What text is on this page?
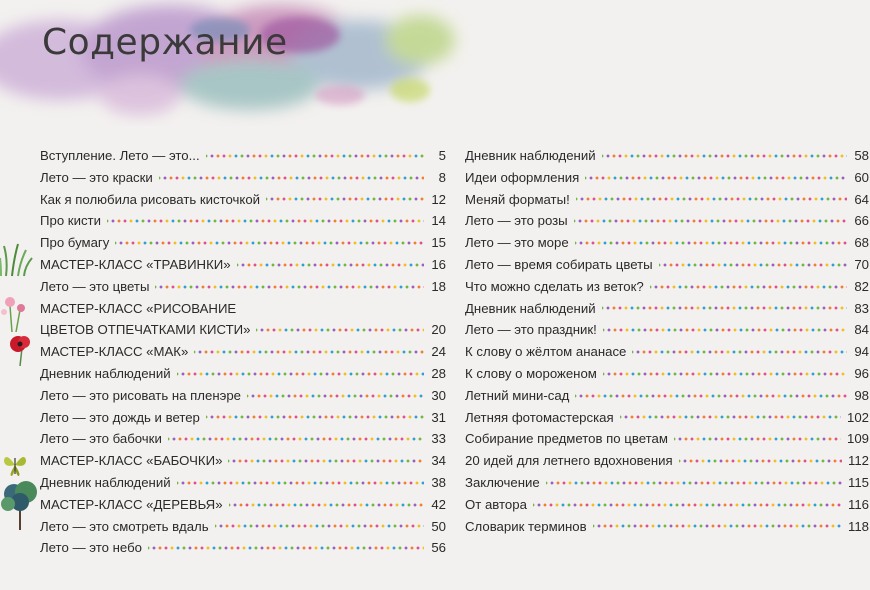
Содержание
Вступление. Лето — это...	5
Лето — это краски	8
Как я полюбила рисовать кисточкой	12
Про кисти	14
Про бумагу	15
МАСТЕР-КЛАСС «ТРАВИНКИ»	16
Лето — это цветы	18
МАСТЕР-КЛАСС «РИСОВАНИЕ
ЦВЕТОВ ОТПЕЧАТКАМИ КИСТИ»	20
МАСТЕР-КЛАСС «МАК»	24
Дневник наблюдений	28
Лето — это рисовать на пленэре	30
Лето — это дождь и ветер	31
Лето — это бабочки	33
МАСТЕР-КЛАСС «БАБОЧКИ»	34
Дневник наблюдений	38
МАСТЕР-КЛАСС «ДЕРЕВЬЯ»	42
Лето — это смотреть вдаль	50
Лето — это небо	56
Дневник наблюдений	58
Идеи оформления	60
Меняй форматы!	64
Лето — это розы	66
Лето — это море	68
Лето — время собирать цветы	70
Что можно сделать из веток?	82
Дневник наблюдений	83
Лето — это праздник!	84
К слову о жёлтом ананасе	94
К слову о мороженом	96
Летний мини-сад	98
Летняя фотомастерская	102
Собирание предметов по цветам	109
20 идей для летнего вдохновения	112
Заключение	115
От автора	116
Словарик терминов	118
